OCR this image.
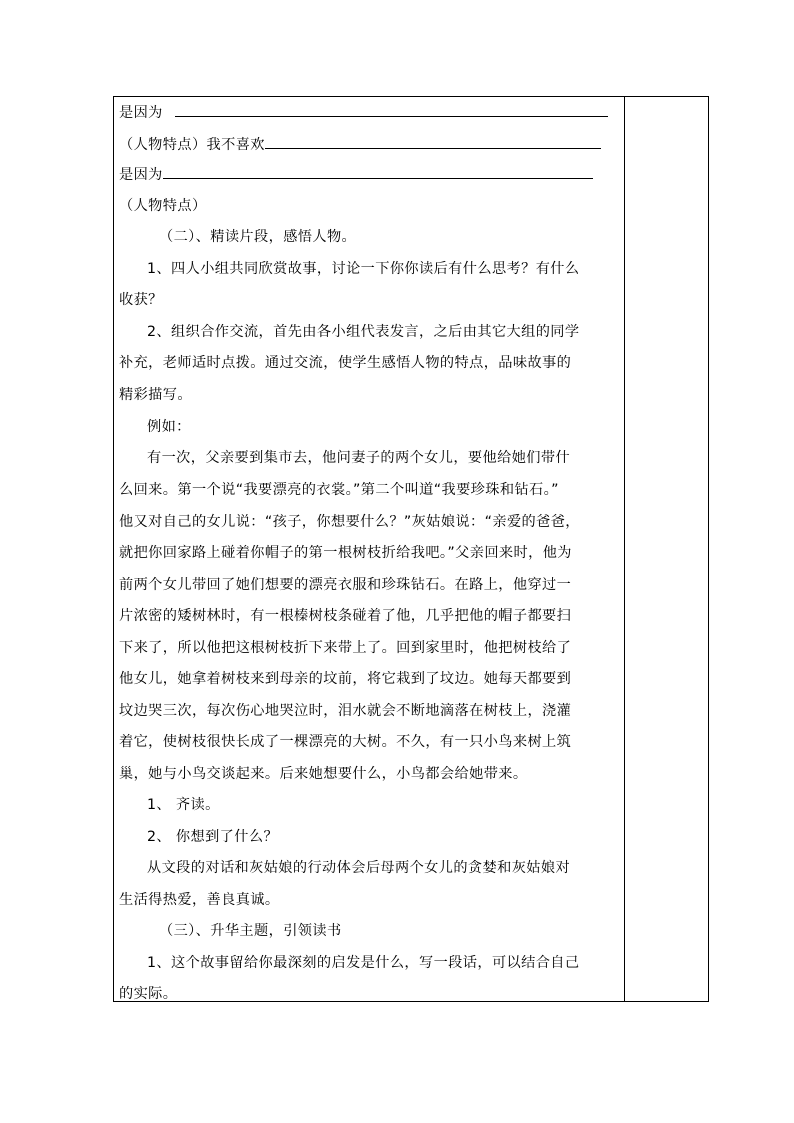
是因为
（人物特点）我不喜欢
是因为
（人物特点）
（二）、精读片段，感悟人物。
1、四人小组共同欣赏故事，讨论一下你你读后有什么思考？有什么
收获？
2、组织合作交流，首先由各小组代表发言，之后由其它大组的同学
补充，老师适时点拨。通过交流，使学生感悟人物的特点，品味故事的
精彩描写。
例如：
有一次，父亲要到集市去，他问妻子的两个女儿，要他给她们带什
么回来。第一个说“我要漂亮的衣裳。”第二个叫道“我要珍珠和钻石。”
他又对自己的女儿说：“孩子，你想要什么？”灰姑娘说：“亲爱的爸爸，
就把你回家路上碰着你帽子的第一根树枝折给我吧。”父亲回来时，他为
前两个女儿带回了她们想要的漂亮衣服和珍珠钻石。在路上，他穿过一
片浓密的矮树林时，有一根榛树枝条碰着了他，几乎把他的帽子都要扫
下来了，所以他把这根树枝折下来带上了。回到家里时，他把树枝给了
他女儿，她拿着树枝来到母亲的坟前，将它栽到了坟边。她每天都要到
坟边哭三次，每次伤心地哭泣时，泪水就会不断地滴落在树枝上，浇灌
着它，使树枝很快长成了一棵漂亮的大树。不久，有一只小鸟来树上筑
巢，她与小鸟交谈起来。后来她想要什么，小鸟都会给她带来。
1、 齐读。
2、 你想到了什么？
从文段的对话和灰姑娘的行动体会后母两个女儿的贪婪和灰姑娘对
生活得热爱，善良真诚。
（三）、升华主题，引领读书
1、这个故事留给你最深刻的启发是什么，写一段话，可以结合自己
的实际。
